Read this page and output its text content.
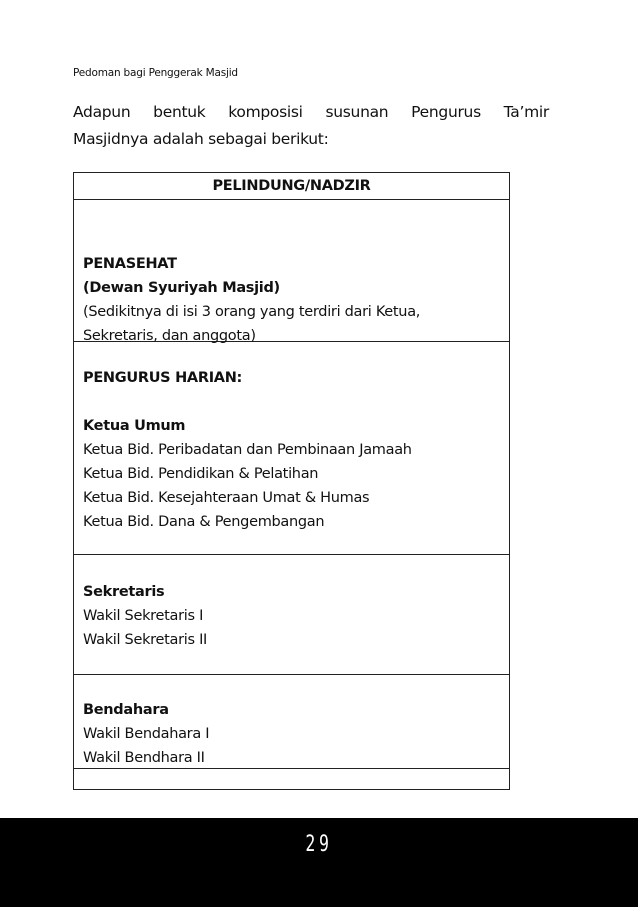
Pedoman bagi Penggerak Masjid
Adapun bentuk komposisi susunan Pengurus Ta’mir
Masjidnya adalah sebagai berikut:
PELINDUNG/NADZIR
PENASEHAT
(Dewan Syuriyah Masjid)
(Sedikitnya di isi 3 orang yang terdiri dari Ketua,
Sekretaris, dan anggota)
PENGURUS HARIAN:
Ketua Umum
Ketua Bid. Peribadatan dan Pembinaan Jamaah
Ketua Bid. Pendidikan & Pelatihan
Ketua Bid. Kesejahteraan Umat & Humas
Ketua Bid. Dana & Pengembangan
Sekretaris
Wakil Sekretaris I
Wakil Sekretaris II
Bendahara
Wakil Bendahara I
Wakil Bendhara II
29
